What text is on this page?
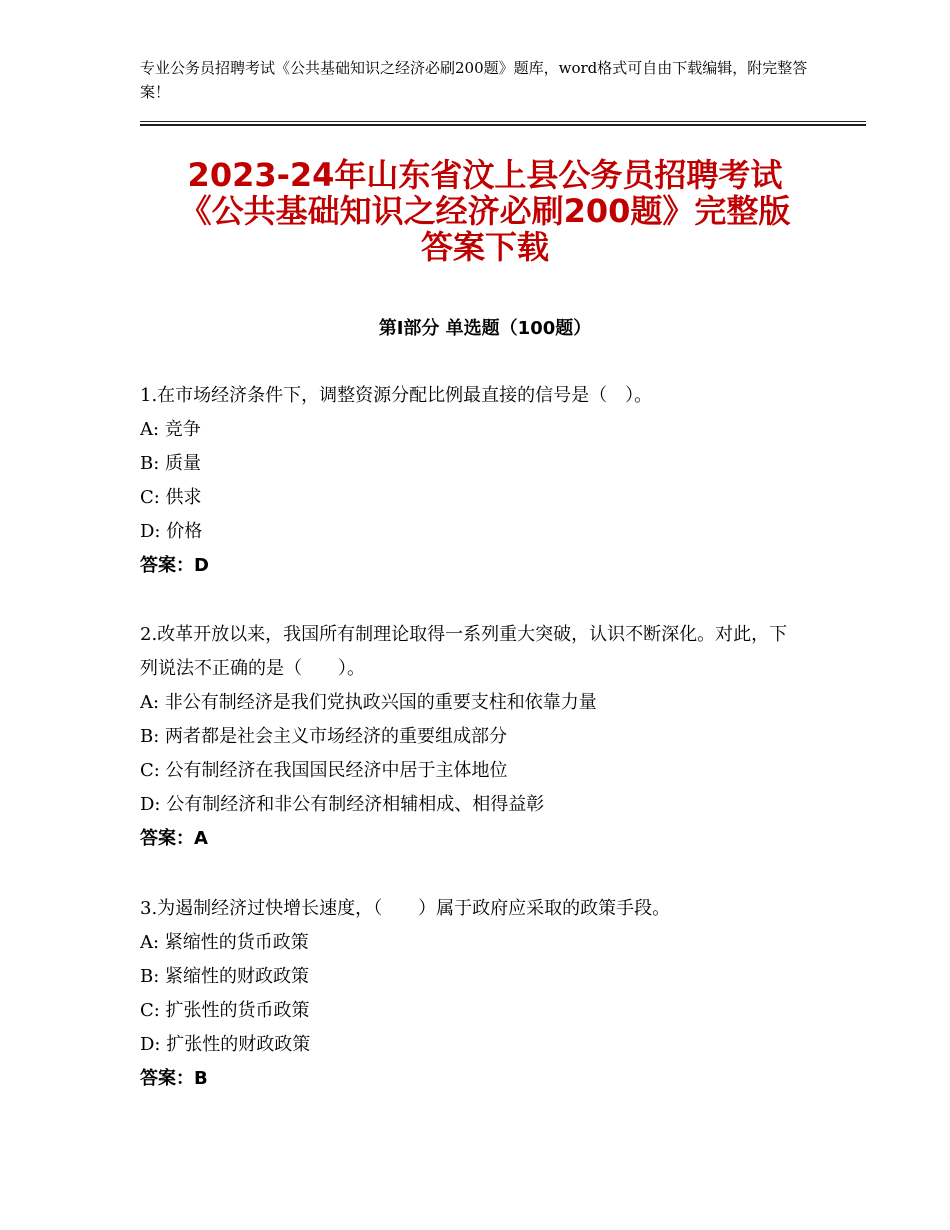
专业公务员招聘考试《公共基础知识之经济必刷200题》题库，word格式可自由下载编辑，附完整答案！
2023-24年山东省汶上县公务员招聘考试
《公共基础知识之经济必刷200题》完整版
答案下载
第Ⅰ部分 单选题（100题）
1.在市场经济条件下，调整资源分配比例最直接的信号是（　）。
A: 竞争
B: 质量
C: 供求
D: 价格
答案：D
2.改革开放以来，我国所有制理论取得一系列重大突破，认识不断深化。对此，下列说法不正确的是（　　）。
A: 非公有制经济是我们党执政兴国的重要支柱和依靠力量
B: 两者都是社会主义市场经济的重要组成部分
C: 公有制经济在我国国民经济中居于主体地位
D: 公有制经济和非公有制经济相辅相成、相得益彰
答案：A
3.为遏制经济过快增长速度，（　　）属于政府应采取的政策手段。
A: 紧缩性的货币政策
B: 紧缩性的财政政策
C: 扩张性的货币政策
D: 扩张性的财政政策
答案：B
